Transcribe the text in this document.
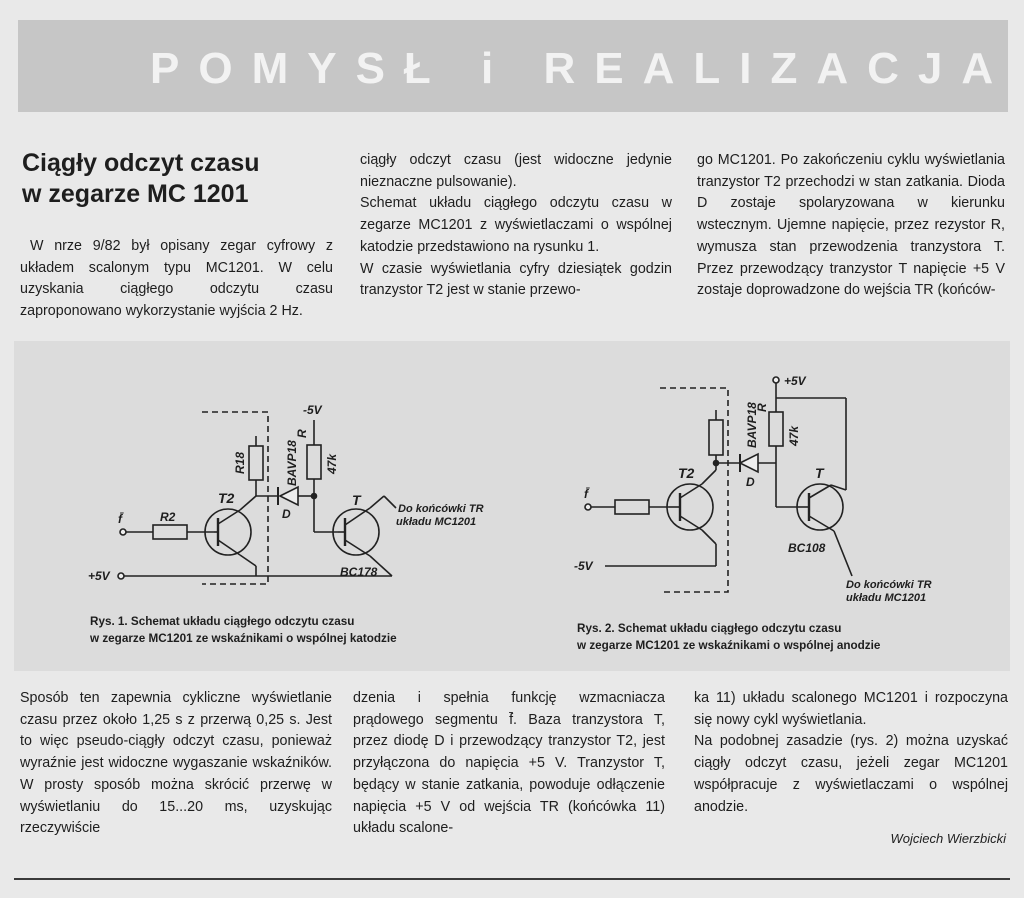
POMYSŁ i REALIZACJA
Ciągły odczyt czasu
w zegarze MC 1201

W nrze 9/82 był opisany zegar cyfrowy z układem scalonym typu MC1201. W celu uzyskania ciągłego odczytu czasu zaproponowano wykorzystanie wyjścia 2 Hz.

ciągły odczyt czasu (jest widoczne jedynie nieznaczne pulsowanie).

Schemat układu ciągłego odczytu czasu w zegarze MC1201 z wyświetlaczami o wspólnej katodzie przedstawiono na rysunku 1.

W czasie wyświetlania cyfry dziesiątek godzin tranzystor T2 jest w stanie przewo-

go MC1201. Po zakończeniu cyklu wyświetlania tranzystor T2 przechodzi w stan zatkania. Dioda D zostaje spolaryzowana w kierunku wstecznym. Ujemne napięcie, przez rezystor R, wymusza stan przewodzenia tranzystora T. Przez przewodzący tranzystor T napięcie +5 V zostaje doprowadzone do wejścia TR (końców-

f̄	R2
R18
T2
BAVP18
D
-5V
R
47k
T
BC178
+5V
Do końcówki TR
układu MC1201
f̄
T2
BAVP18
D
R
47k
+5V
T
BC108
-5V
Do końcówki TR
układu MC1201
Rys. 1. Schemat układu ciągłego odczytu czasu
w zegarze MC1201 ze wskaźnikami o wspólnej katodzie
Rys. 2. Schemat układu ciągłego odczytu czasu
w zegarze MC1201 ze wskaźnikami o wspólnej anodzie

Sposób ten zapewnia cykliczne wyświetlanie czasu przez około 1,25 s z przerwą 0,25 s. Jest to więc pseudo-ciągły odczyt czasu, ponieważ wyraźnie jest widoczne wygaszanie wskaźników. W prosty sposób można skrócić przerwę w wyświetlaniu do 15...20 ms, uzyskując rzeczywiście

dzenia i spełnia funkcję wzmacniacza prądowego segmentu f̄. Baza tranzystora T, przez diodę D i przewodzący tranzystor T2, jest przyłączona do napięcia +5 V. Tranzystor T, będący w stanie zatkania, powoduje odłączenie napięcia +5 V od wejścia TR (końcówka 11) układu scalone-

ka 11) układu scalonego MC1201 i rozpoczyna się nowy cykl wyświetlania.

Na podobnej zasadzie (rys. 2) można uzyskać ciągły odczyt czasu, jeżeli zegar MC1201 współpracuje z wyświetlaczami o wspólnej anodzie.

Wojciech Wierzbicki
